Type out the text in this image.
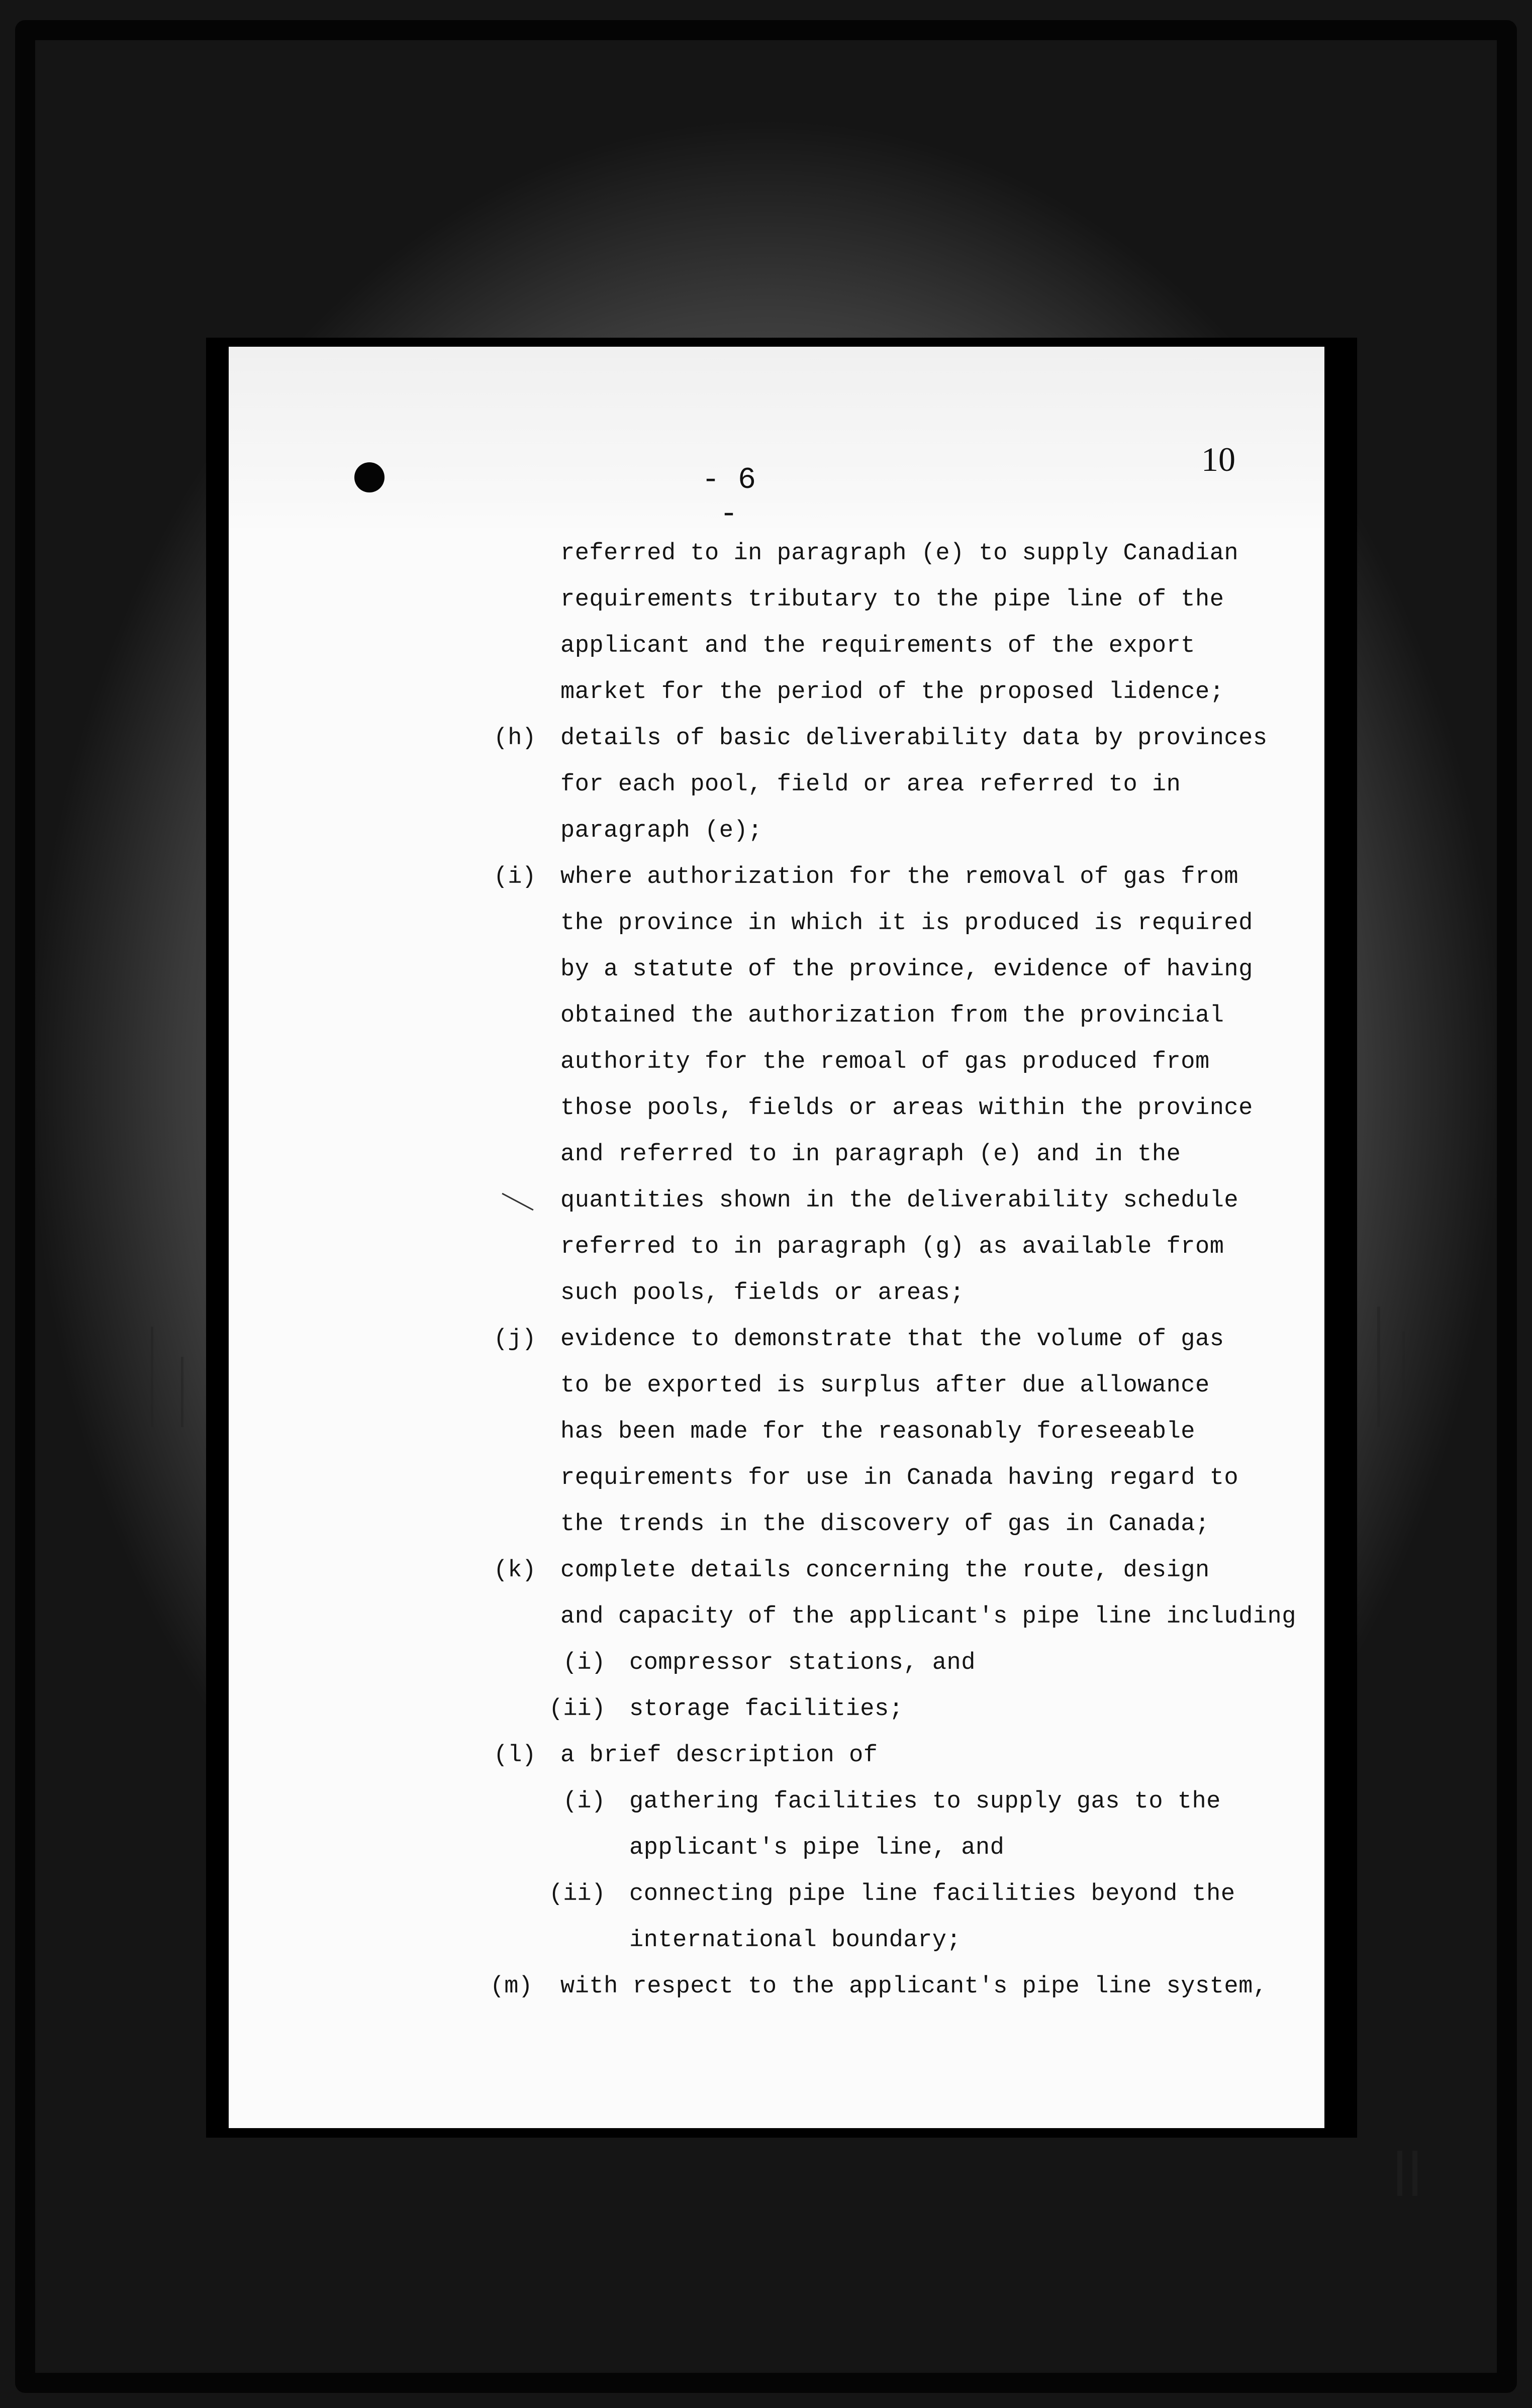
- 6 -
10
referred to in paragraph (e) to supply Canadian
requirements tributary to the pipe line of the
applicant and the requirements of the export
market for the period of the proposed lidence;
(h) details of basic deliverability data by provinces
for each pool, field or area referred to in
paragraph (e);
(i) where authorization for the removal of gas from
the province in which it is produced is required
by a statute of the province, evidence of having
obtained the authorization from the provincial
authority for the remoal of gas produced from
those pools, fields or areas within the province
and referred to in paragraph (e) and in the
quantities shown in the deliverability schedule
referred to in paragraph (g) as available from
such pools, fields or areas;
(j) evidence to demonstrate that the volume of gas
to be exported is surplus after due allowance
has been made for the reasonably foreseeable
requirements for use in Canada having regard to
the trends in the discovery of gas in Canada;
(k) complete details concerning the route, design
and capacity of the applicant's pipe line including
(i) compressor stations, and
(ii) storage facilities;
(l) a brief description of
(i) gathering facilities to supply gas to the
applicant's pipe line, and
(ii) connecting pipe line facilities beyond the
international boundary;
(m) with respect to the applicant's pipe line system,
